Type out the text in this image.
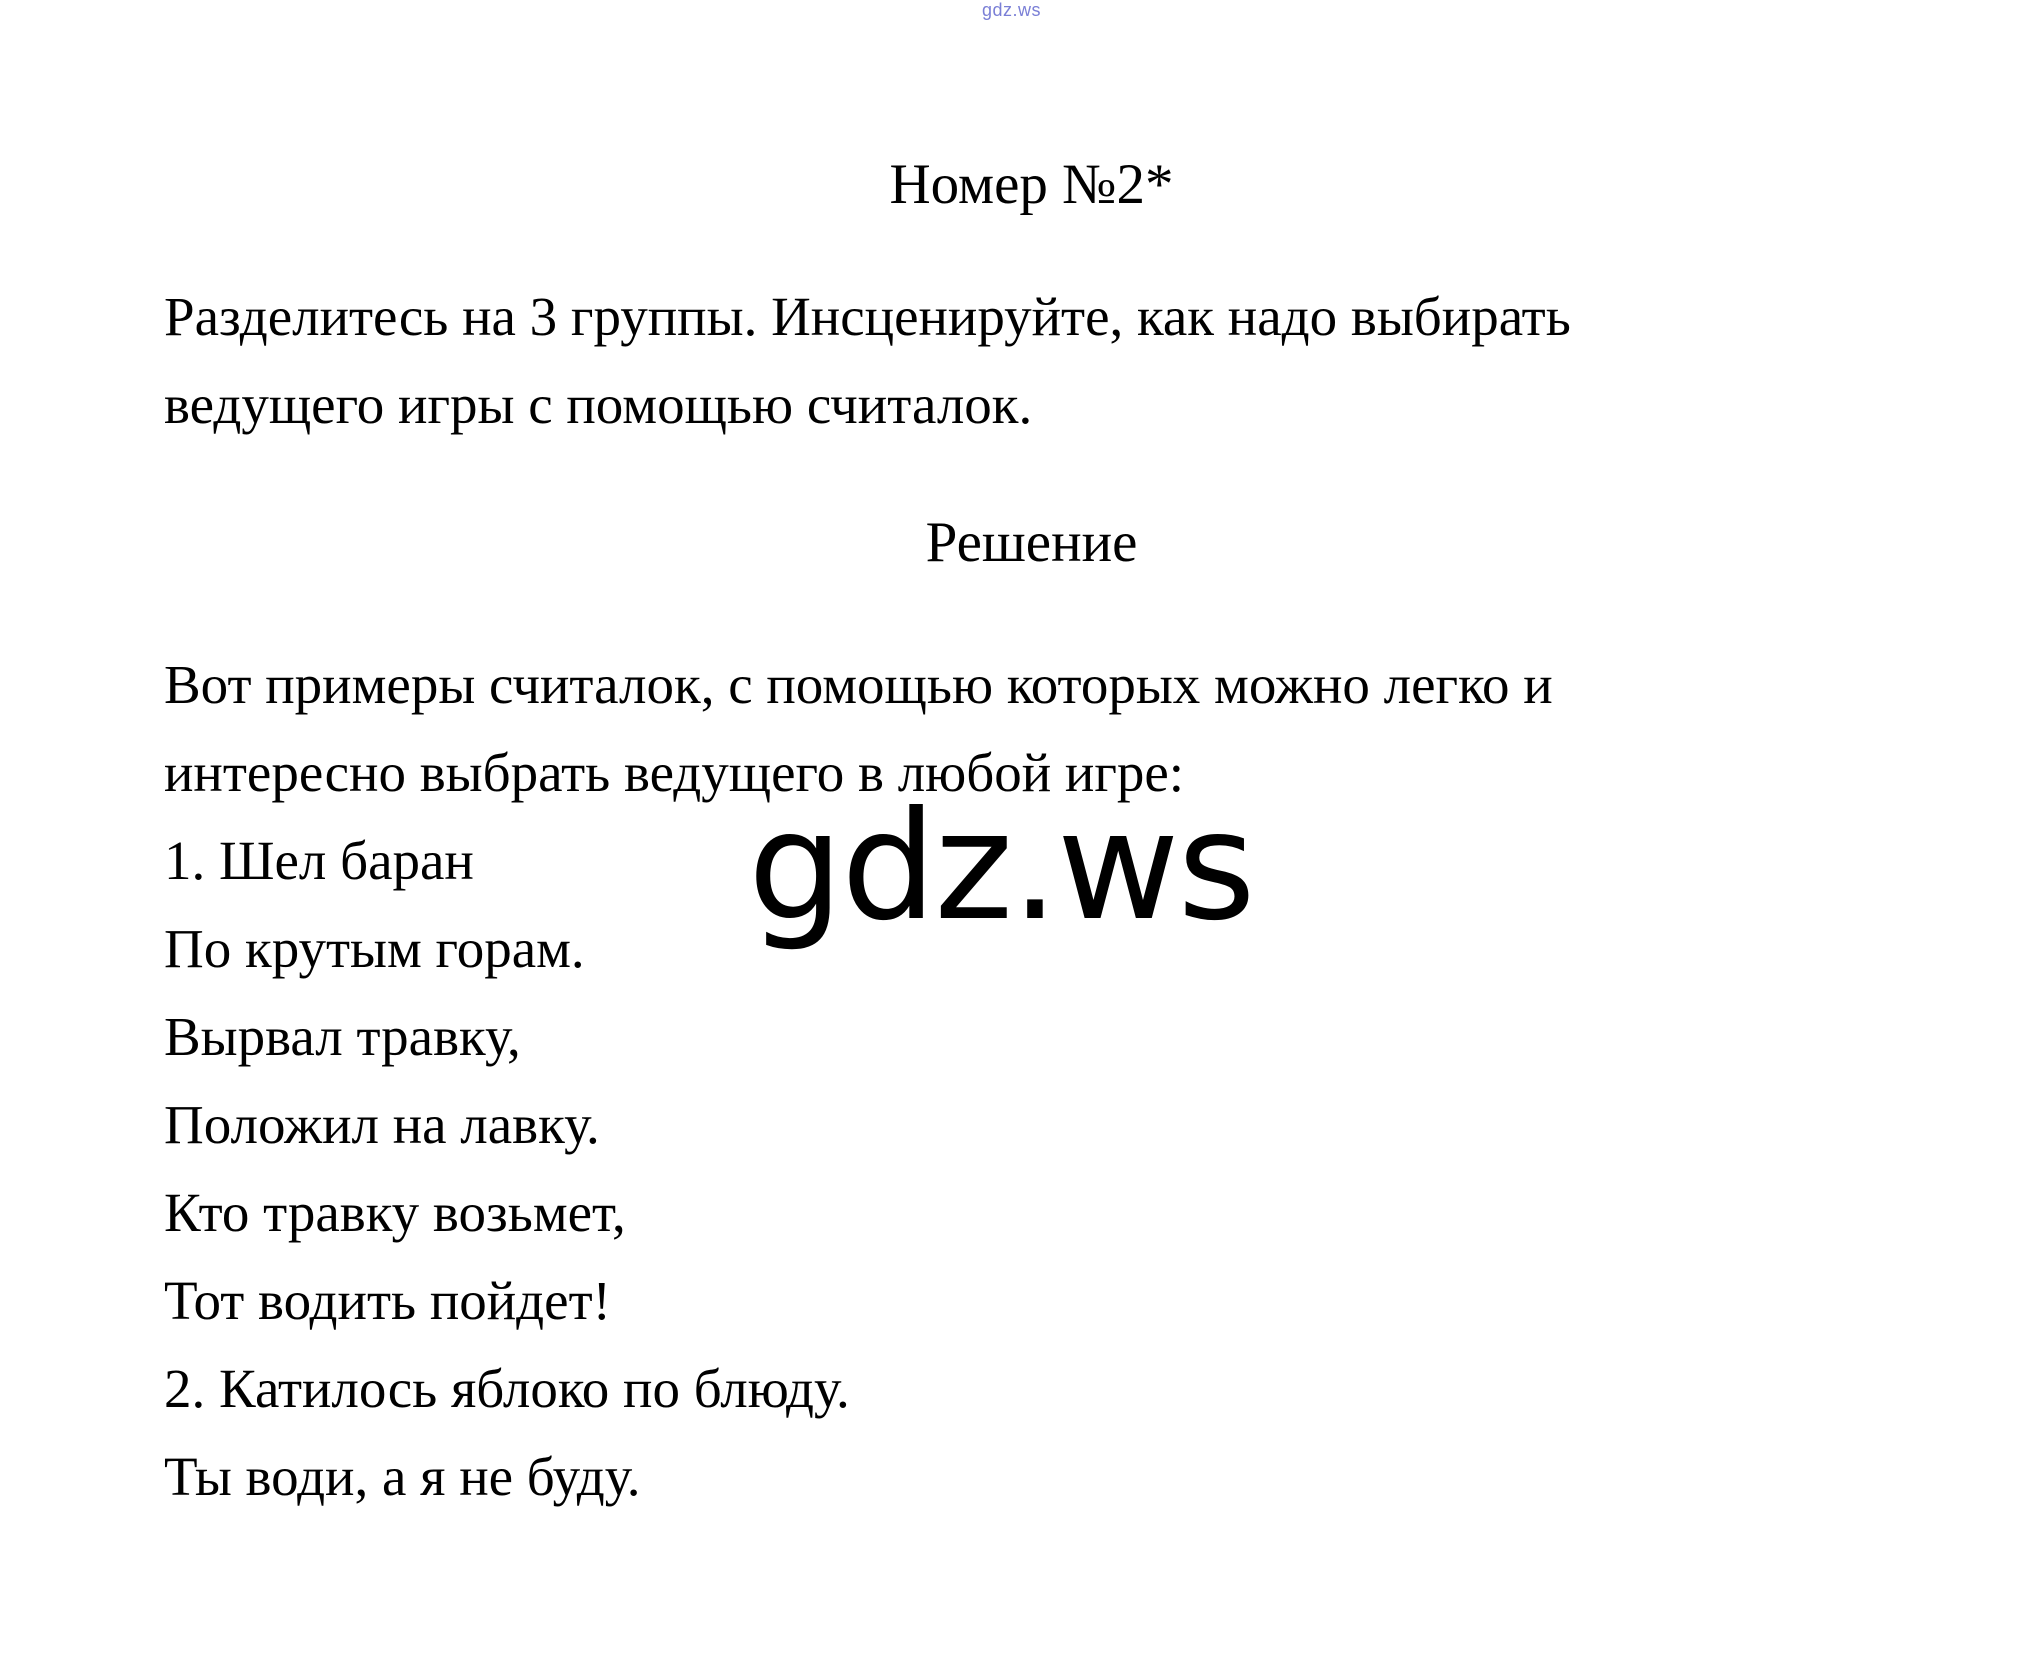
gdz.ws
Номер №2*
Разделитесь на 3 группы. Инсценируйте, как надо выбирать
ведущего игры с помощью считалок.
Решение
Вот примеры считалок, с помощью которых можно легко и
интересно выбрать ведущего в любой игре:
1. Шел баран
По крутым горам.
Вырвал травку,
Положил на лавку.
Кто травку возьмет,
Тот водить пойдет!
2. Катилось яблоко по блюду.
Ты води, а я не буду.
gdz.ws
